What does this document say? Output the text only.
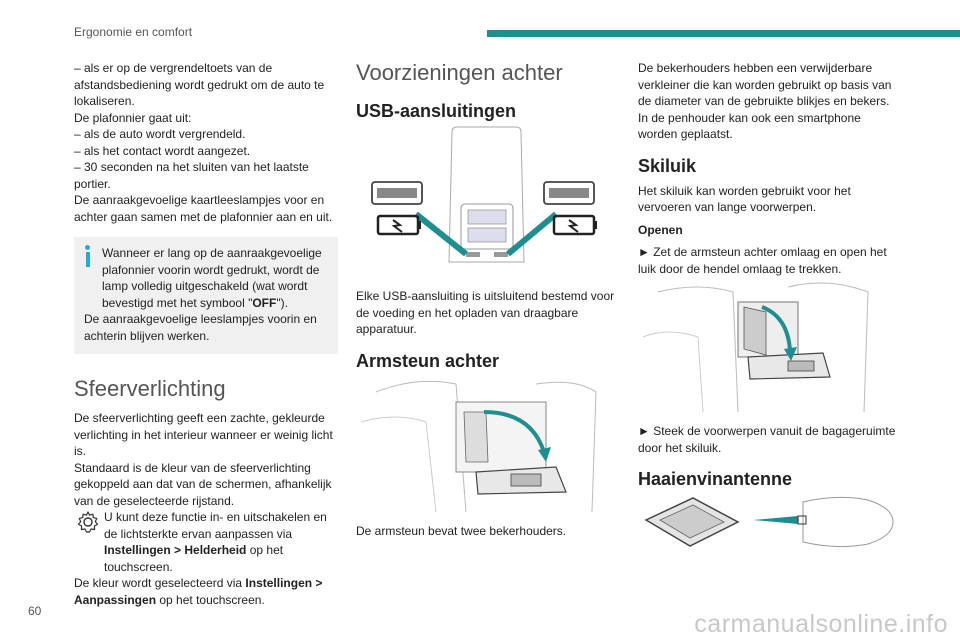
Ergonomie en comfort

– als er op de vergrendeltoets van de afstandsbediening wordt gedrukt om de auto te lokaliseren.

De plafonnier gaat uit:

– als de auto wordt vergrendeld.

– als het contact wordt aangezet.

– 30 seconden na het sluiten van het laatste portier.

De aanraakgevoelige kaartleeslampjes voor en achter gaan samen met de plafonnier aan en uit.

Wanneer er lang op de aanraakgevoelige plafonnier voorin wordt gedrukt, wordt de lamp volledig uitgeschakeld (wat wordt bevestigd met het symbool "OFF").

De aanraakgevoelige leeslampjes voorin en achterin blijven werken.

Sfeerverlichting

De sfeerverlichting geeft een zachte, gekleurde verlichting in het interieur wanneer er weinig licht is.

Standaard is de kleur van de sfeerverlichting gekoppeld aan dat van de schermen, afhankelijk van de geselecteerde rijstand.

U kunt deze functie in- en uitschakelen en de lichtsterkte ervan aanpassen via Instellingen > Helderheid op het touchscreen.

De kleur wordt geselecteerd via Instellingen > Aanpassingen op het touchscreen.

Voorzieningen achter
USB-aansluitingen

Elke USB-aansluiting is uitsluitend bestemd voor de voeding en het opladen van draagbare apparatuur.

Armsteun achter

De armsteun bevat twee bekerhouders.

De bekerhouders hebben een verwijderbare verkleiner die kan worden gebruikt op basis van de diameter van de gebruikte blikjes en bekers.

In de penhouder kan ook een smartphone worden geplaatst.

Skiluik

Het skiluik kan worden gebruikt voor het vervoeren van lange voorwerpen.

Openen

► Zet de armsteun achter omlaag en open het luik door de hendel omlaag te trekken.

► Steek de voorwerpen vanuit de bagageruimte door het skiluik.

Haaienvinantenne
60	carmanualsonline.info
